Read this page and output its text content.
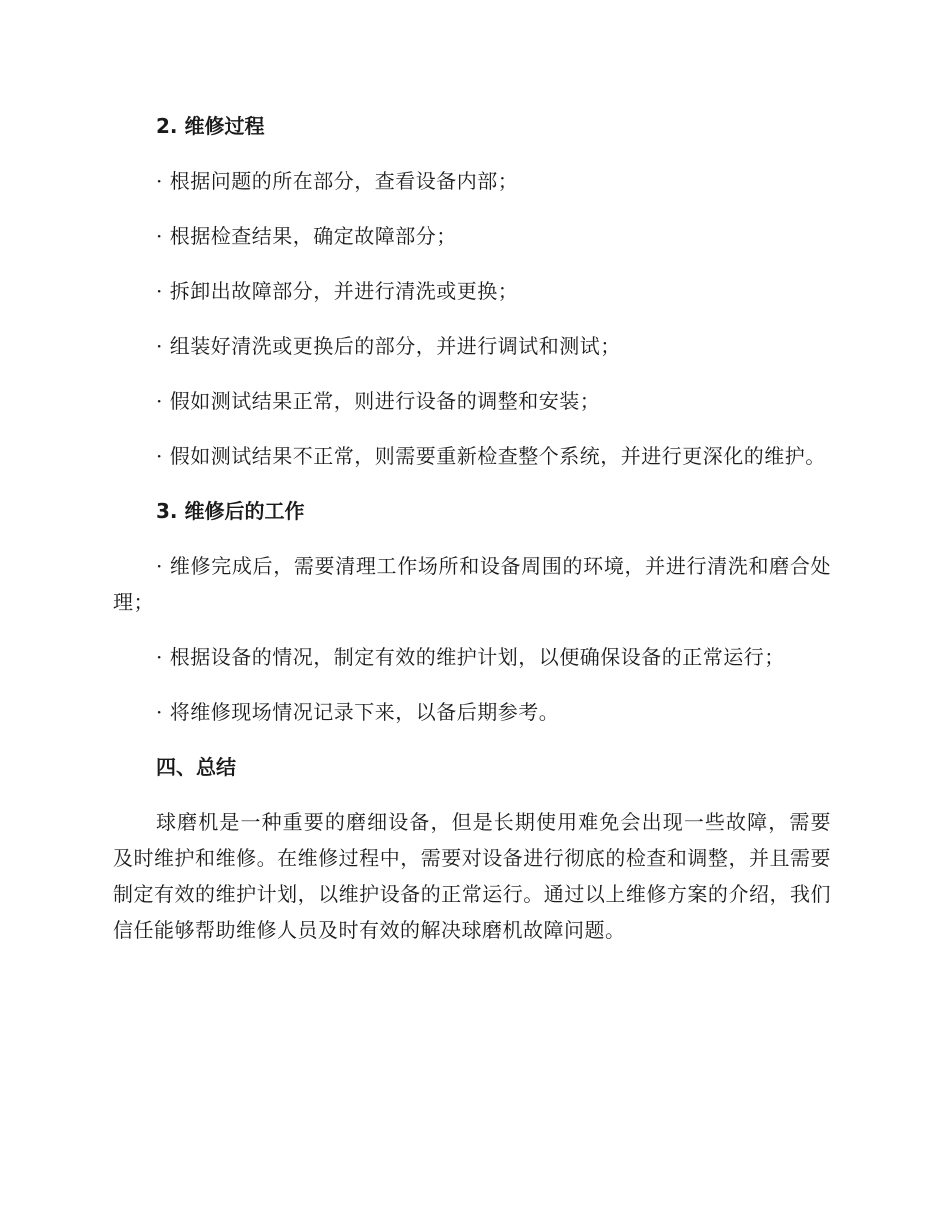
2. 维修过程

· 根据问题的所在部分，查看设备内部；

· 根据检查结果，确定故障部分；

· 拆卸出故障部分，并进行清洗或更换；

· 组装好清洗或更换后的部分，并进行调试和测试；

· 假如测试结果正常，则进行设备的调整和安装；

· 假如测试结果不正常，则需要重新检查整个系统，并进行更深化的维护。

3. 维修后的工作

· 维修完成后，需要清理工作场所和设备周围的环境，并进行清洗和磨合处理；

· 根据设备的情况，制定有效的维护计划，以便确保设备的正常运行；

· 将维修现场情况记录下来，以备后期参考。

四、总结

球磨机是一种重要的磨细设备，但是长期使用难免会出现一些故障，需要及时维护和维修。在维修过程中，需要对设备进行彻底的检查和调整，并且需要制定有效的维护计划，以维护设备的正常运行。通过以上维修方案的介绍，我们信任能够帮助维修人员及时有效的解决球磨机故障问题。
